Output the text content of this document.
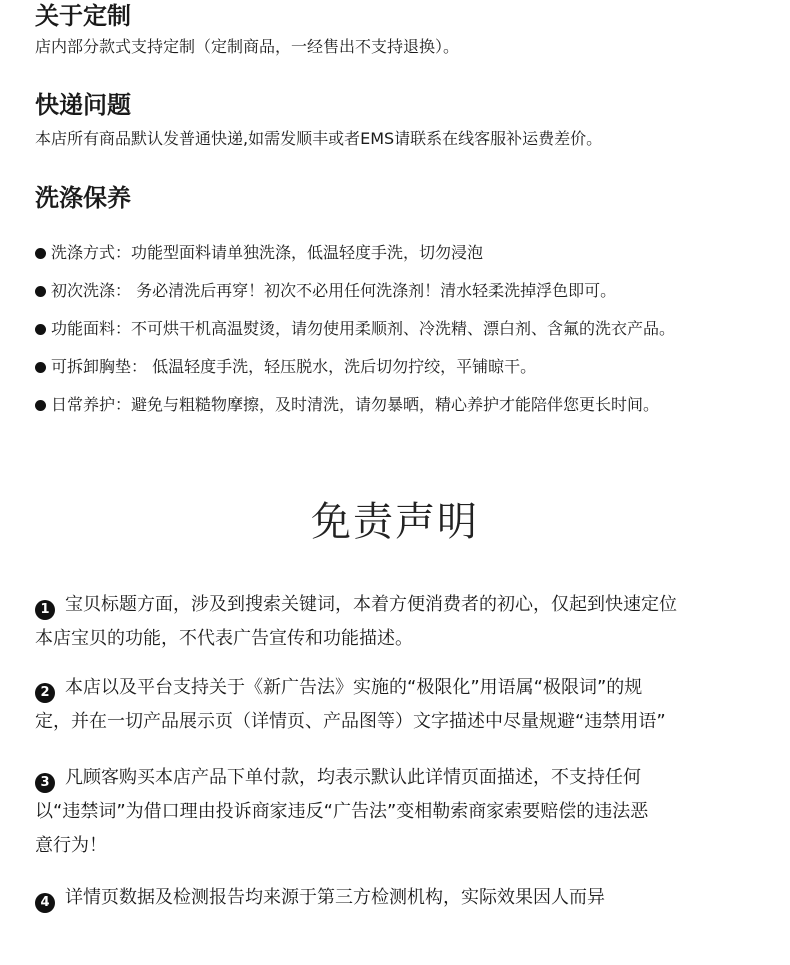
关于定制

店内部分款式支持定制（定制商品，一经售出不支持退换）。

快递问题

本店所有商品默认发普通快递,如需发顺丰或者EMS请联系在线客服补运费差价。

洗涤保养
洗涤方式：功能型面料请单独洗涤，低温轻度手洗，切勿浸泡
初次洗涤： 务必清洗后再穿！初次不必用任何洗涤剂！清水轻柔洗掉浮色即可。
功能面料：不可烘干机高温熨烫，请勿使用柔顺剂、冷洗精、漂白剂、含氟的洗衣产品。
可拆卸胸垫： 低温轻度手洗，轻压脱水，洗后切勿拧绞，平铺晾干。
日常养护：避免与粗糙物摩擦，及时清洗，请勿暴晒，精心养护才能陪伴您更长时间。
免责声明
1 宝贝标题方面，涉及到搜索关键词，本着方便消费者的初心，仅起到快速定位
本店宝贝的功能，不代表广告宣传和功能描述。
2 本店以及平台支持关于《新广告法》实施的“极限化”用语属“极限词”的规
定，并在一切产品展示页（详情页、产品图等）文字描述中尽量规避“违禁用语”
3 凡顾客购买本店产品下单付款，均表示默认此详情页面描述，不支持任何
以“违禁词”为借口理由投诉商家违反“广告法”变相勒索商家索要赔偿的违法恶
意行为！
4 详情页数据及检测报告均来源于第三方检测机构，实际效果因人而异
